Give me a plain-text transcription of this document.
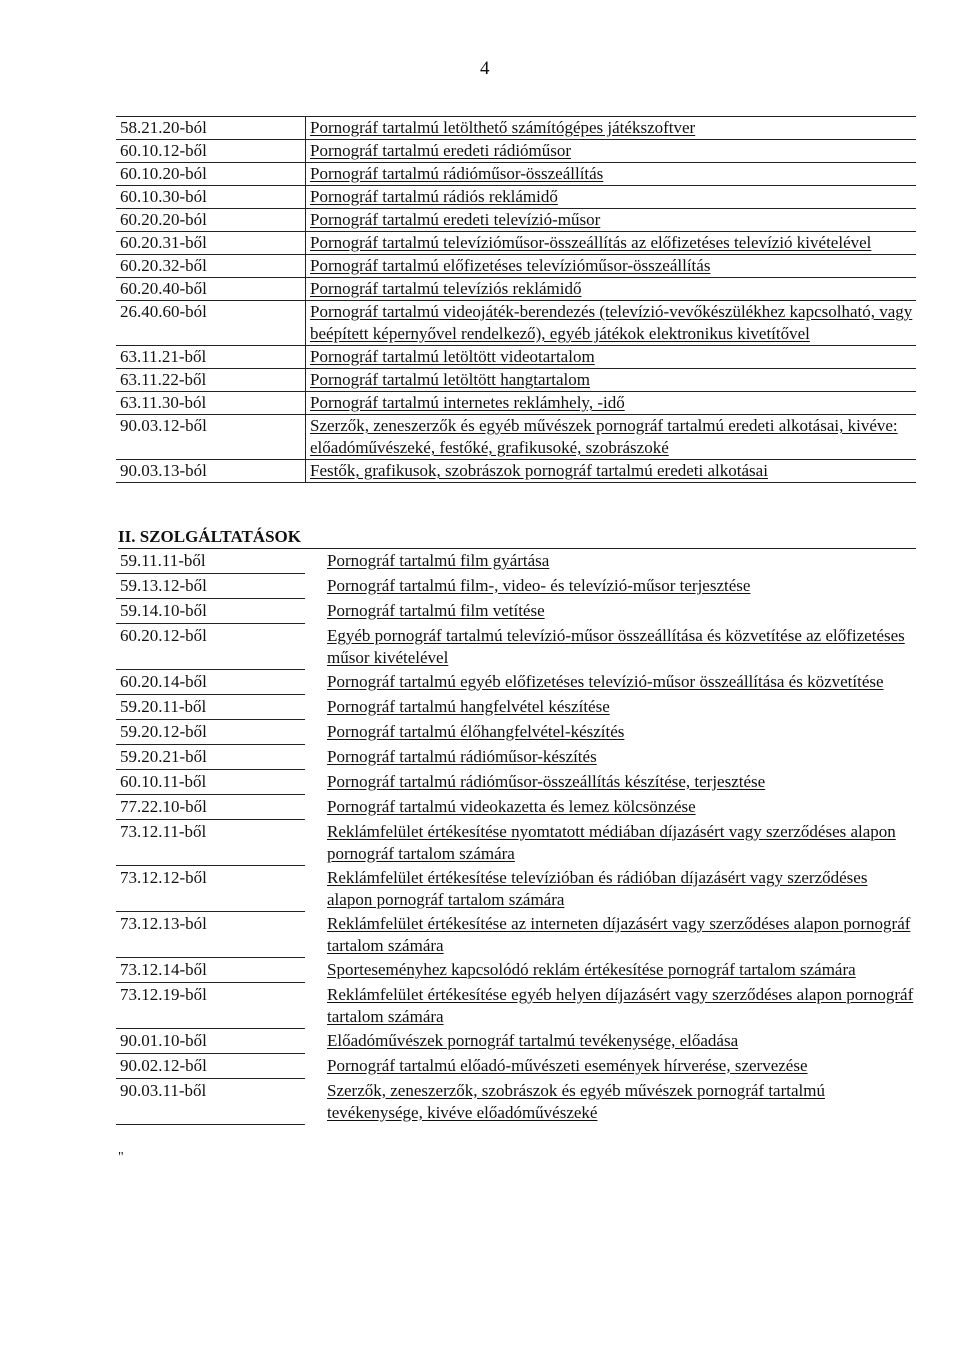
4
58.21.20-ból	Pornográf tartalmú letölthető számítógépes játékszoftver
60.10.12-ből	Pornográf tartalmú eredeti rádióműsor
60.10.20-ból	Pornográf tartalmú rádióműsor-összeállítás
60.10.30-ból	Pornográf tartalmú rádiós reklámidő
60.20.20-ból	Pornográf tartalmú eredeti televízió-műsor
60.20.31-ből	Pornográf tartalmú televízióműsor-összeállítás az előfizetéses televízió kivételével
60.20.32-ből	Pornográf tartalmú előfizetéses televízióműsor-összeállítás
60.20.40-ből	Pornográf tartalmú televíziós reklámidő
26.40.60-ból	Pornográf tartalmú videojáték-berendezés (televízió-vevőkészülékhez kapcsolható, vagy beépített képernyővel rendelkező), egyéb játékok elektronikus kivetítővel
63.11.21-ből	Pornográf tartalmú letöltött videotartalom
63.11.22-ből	Pornográf tartalmú letöltött hangtartalom
63.11.30-ból	Pornográf tartalmú internetes reklámhely, -idő
90.03.12-ből	Szerzők, zeneszerzők és egyéb művészek pornográf tartalmú eredeti alkotásai, kivéve: előadóművészeké, festőké, grafikusoké, szobrászoké
90.03.13-ból	Festők, grafikusok, szobrászok pornográf tartalmú eredeti alkotásai
II. SZOLGÁLTATÁSOK
59.11.11-ből	Pornográf tartalmú film gyártása
59.13.12-ből	Pornográf tartalmú film-, video- és televízió-műsor terjesztése
59.14.10-ből	Pornográf tartalmú film vetítése
60.20.12-ből	Egyéb pornográf tartalmú televízió-műsor összeállítása és közvetítése az előfizetéses műsor kivételével
60.20.14-ből	Pornográf tartalmú egyéb előfizetéses televízió-műsor összeállítása és közvetítése
59.20.11-ből	Pornográf tartalmú hangfelvétel készítése
59.20.12-ből	Pornográf tartalmú élőhangfelvétel-készítés
59.20.21-ből	Pornográf tartalmú rádióműsor-készítés
60.10.11-ből	Pornográf tartalmú rádióműsor-összeállítás készítése, terjesztése
77.22.10-ből	Pornográf tartalmú videokazetta és lemez kölcsönzése
73.12.11-ből	Reklámfelület értékesítése nyomtatott médiában díjazásért vagy szerződéses alapon pornográf tartalom számára
73.12.12-ből	Reklámfelület értékesítése televízióban és rádióban díjazásért vagy szerződéses alapon pornográf tartalom számára
73.12.13-ból	Reklámfelület értékesítése az interneten díjazásért vagy szerződéses alapon pornográf tartalom számára
73.12.14-ből	Sporteseményhez kapcsolódó reklám értékesítése pornográf tartalom számára
73.12.19-ből	Reklámfelület értékesítése egyéb helyen díjazásért vagy szerződéses alapon pornográf tartalom számára
90.01.10-ből	Előadóművészek pornográf tartalmú tevékenysége, előadása
90.02.12-ből	Pornográf tartalmú előadó-művészeti események hírverése, szervezése
90.03.11-ből	Szerzők, zeneszerzők, szobrászok és egyéb művészek pornográf tartalmú tevékenysége, kivéve előadóművészeké
"
